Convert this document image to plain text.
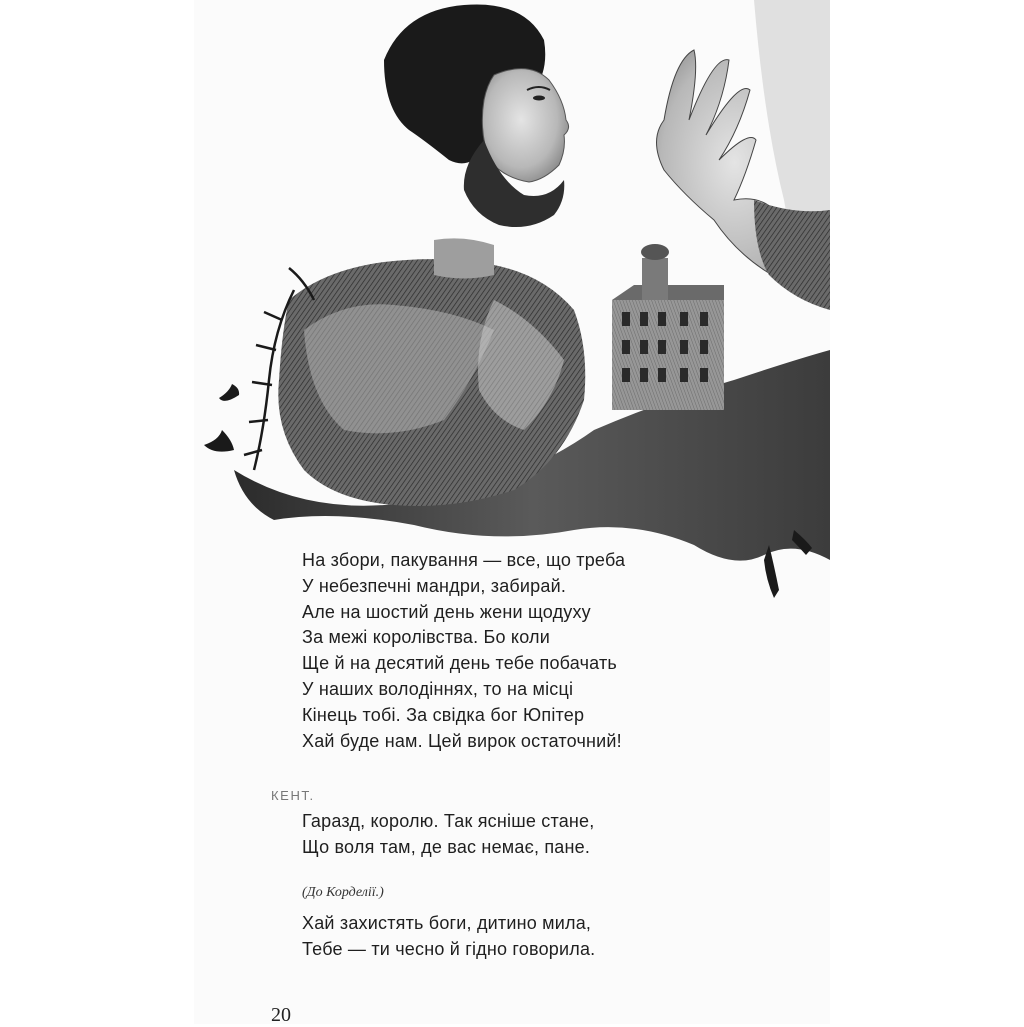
На збори, пакування — все, що треба
У небезпечні мандри, забирай.
Але на шостий день жени щодуху
За межі королівства. Бо коли
Ще й на десятий день тебе побачать
У наших володіннях, то на місці
Кінець тобі. За свідка бог Юпітер
Хай буде нам. Цей вирок остаточний!
КЕНТ.
Гаразд, королю. Так ясніше стане,
Що воля там, де вас немає, пане.
(До Корделії.)
Хай захистять боги, дитино мила,
Тебе — ти чесно й гідно говорила.
20
